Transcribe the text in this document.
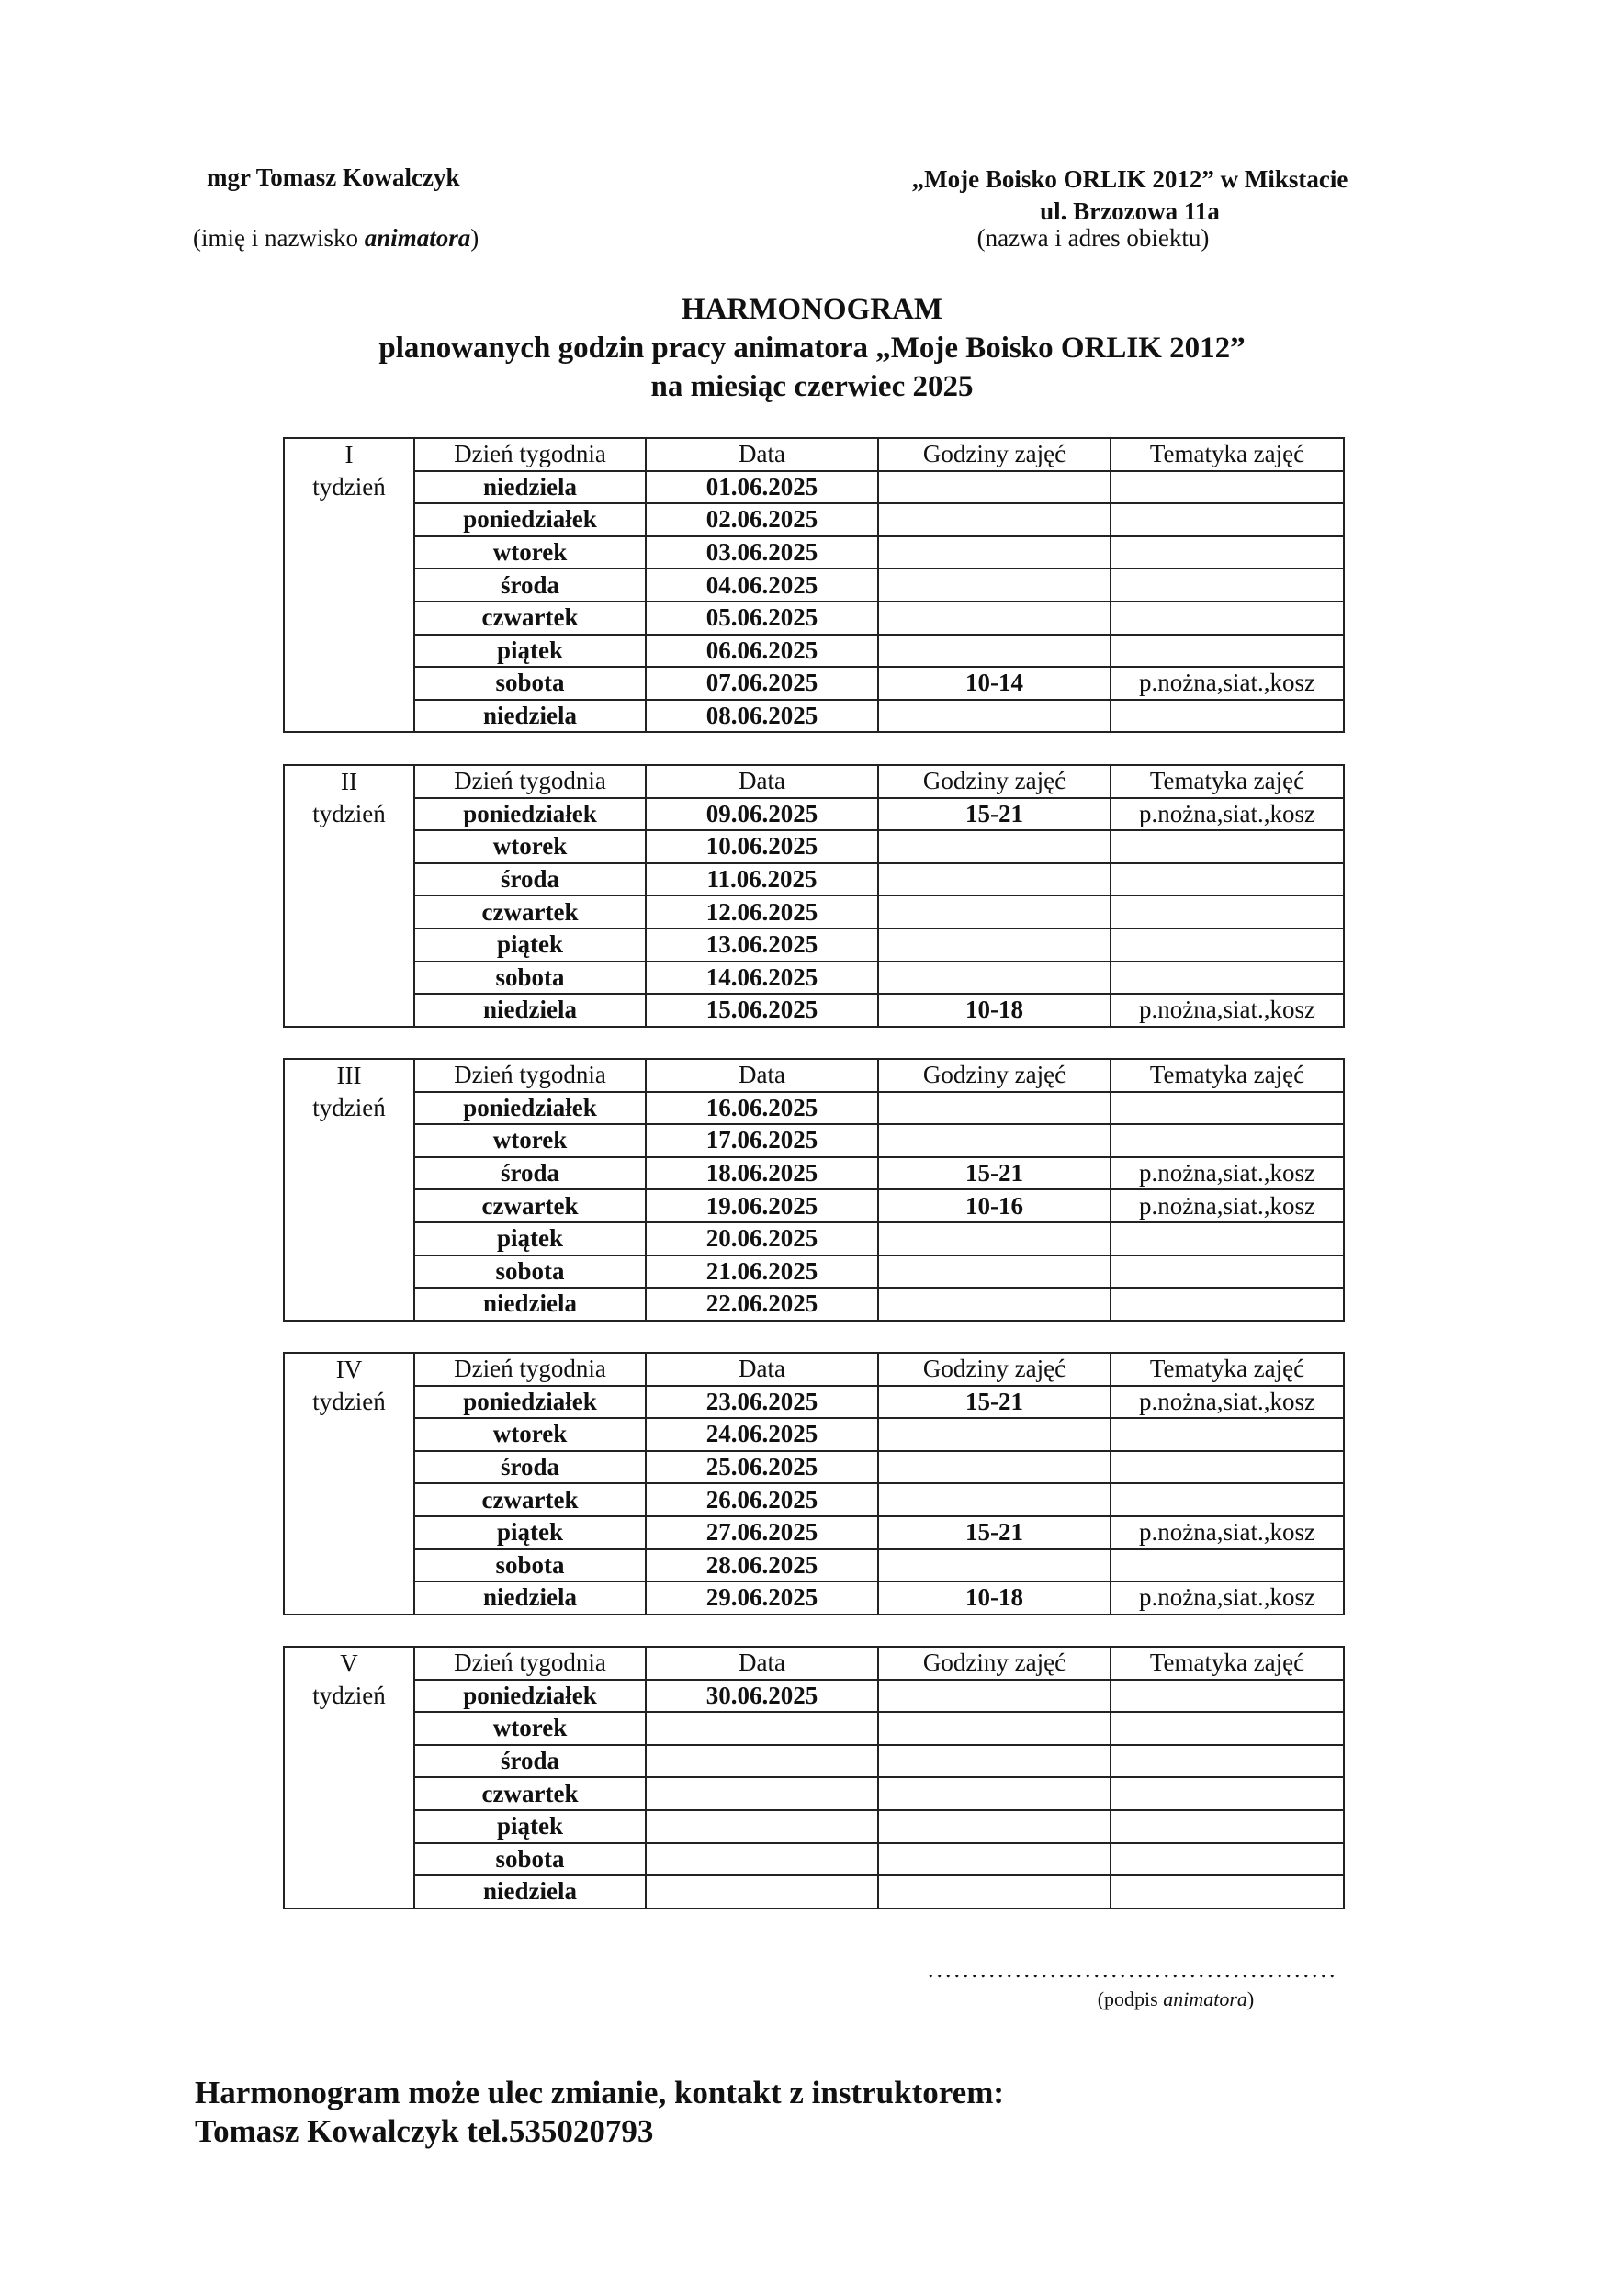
mgr Tomasz Kowalczyk
(imię i nazwisko animatora)
„Moje Boisko ORLIK 2012” w Mikstacie
ul. Brzozowa 11a
(nazwa i adres obiektu)
HARMONOGRAM
planowanych godzin pracy animatora „Moje Boisko ORLIK 2012”
na miesiąc czerwiec 2025
I
tydzień	Dzień tygodnia	Data	Godziny zajęć	Tematyka zajęć
	niedziela	01.06.2025		
	poniedziałek	02.06.2025		
	wtorek	03.06.2025		
	środa	04.06.2025		
	czwartek	05.06.2025		
	piątek	06.06.2025		
	sobota	07.06.2025	10-14	p.nożna,siat.,kosz
	niedziela	08.06.2025		
II
tydzień	Dzień tygodnia	Data	Godziny zajęć	Tematyka zajęć
	poniedziałek	09.06.2025	15-21	p.nożna,siat.,kosz
	wtorek	10.06.2025		
	środa	11.06.2025		
	czwartek	12.06.2025		
	piątek	13.06.2025		
	sobota	14.06.2025		
	niedziela	15.06.2025	10-18	p.nożna,siat.,kosz
III
tydzień	Dzień tygodnia	Data	Godziny zajęć	Tematyka zajęć
	poniedziałek	16.06.2025		
	wtorek	17.06.2025		
	środa	18.06.2025	15-21	p.nożna,siat.,kosz
	czwartek	19.06.2025	10-16	p.nożna,siat.,kosz
	piątek	20.06.2025		
	sobota	21.06.2025		
	niedziela	22.06.2025		
IV
tydzień	Dzień tygodnia	Data	Godziny zajęć	Tematyka zajęć
	poniedziałek	23.06.2025	15-21	p.nożna,siat.,kosz
	wtorek	24.06.2025		
	środa	25.06.2025		
	czwartek	26.06.2025		
	piątek	27.06.2025	15-21	p.nożna,siat.,kosz
	sobota	28.06.2025		
	niedziela	29.06.2025	10-18	p.nożna,siat.,kosz
V
tydzień	Dzień tygodnia	Data	Godziny zajęć	Tematyka zajęć
	poniedziałek	30.06.2025		
	wtorek			
	środa			
	czwartek			
	piątek			
	sobota			
	niedziela			
...............................................
(podpis animatora)
Harmonogram może ulec zmianie, kontakt z instruktorem:
Tomasz Kowalczyk tel.535020793
